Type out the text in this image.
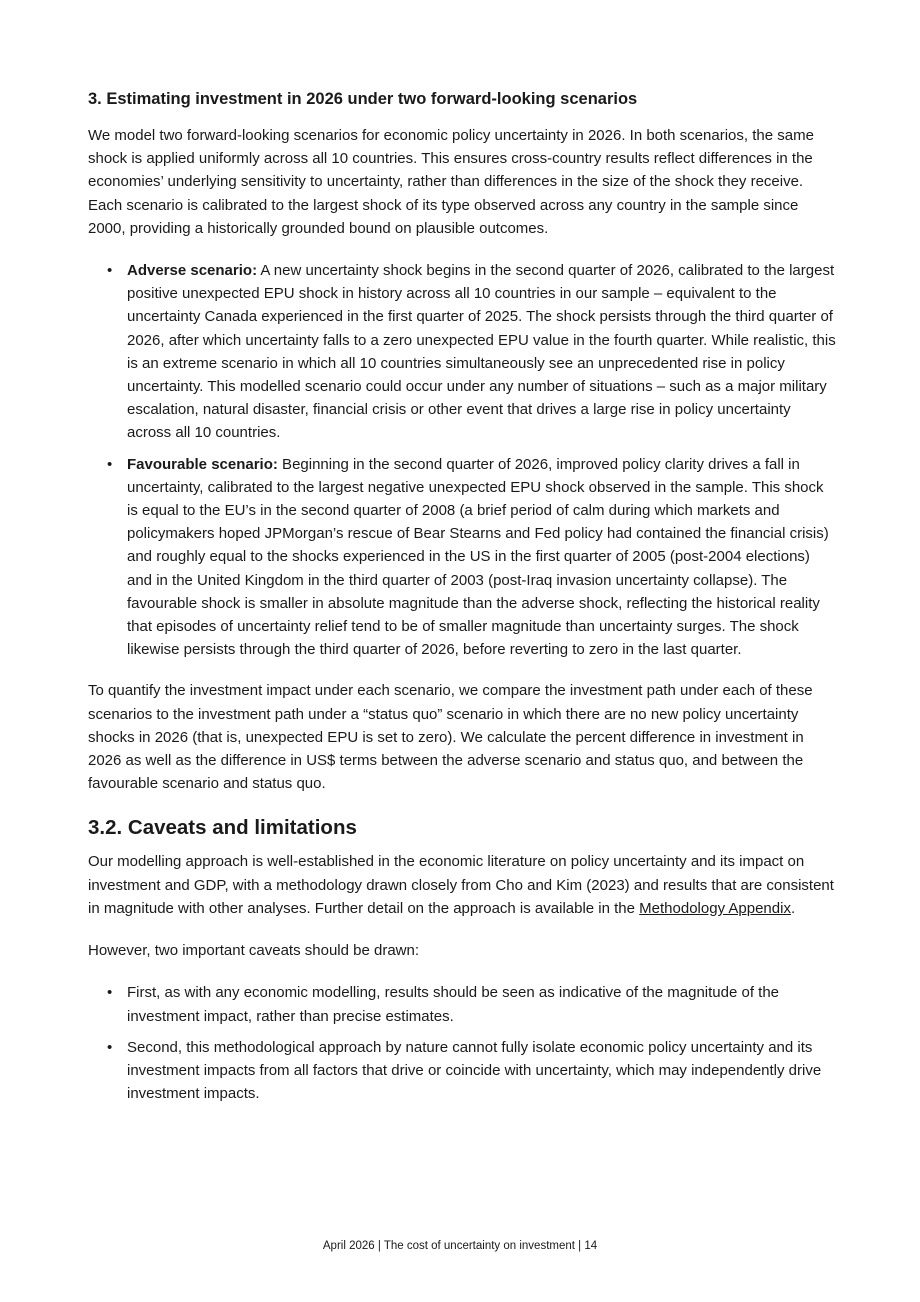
3. Estimating investment in 2026 under two forward-looking scenarios

We model two forward-looking scenarios for economic policy uncertainty in 2026. In both scenarios, the same shock is applied uniformly across all 10 countries. This ensures cross-country results reflect differences in the economies’ underlying sensitivity to uncertainty, rather than differences in the size of the shock they receive. Each scenario is calibrated to the largest shock of its type observed across any country in the sample since 2000, providing a historically grounded bound on plausible outcomes.

• Adverse scenario: A new uncertainty shock begins in the second quarter of 2026, calibrated to the largest positive unexpected EPU shock in history across all 10 countries in our sample – equivalent to the uncertainty Canada experienced in the first quarter of 2025. The shock persists through the third quarter of 2026, after which uncertainty falls to a zero unexpected EPU value in the fourth quarter. While realistic, this is an extreme scenario in which all 10 countries simultaneously see an unprecedented rise in policy uncertainty. This modelled scenario could occur under any number of situations – such as a major military escalation, natural disaster, financial crisis or other event that drives a large rise in policy uncertainty across all 10 countries.
• Favourable scenario: Beginning in the second quarter of 2026, improved policy clarity drives a fall in uncertainty, calibrated to the largest negative unexpected EPU shock observed in the sample. This shock is equal to the EU’s in the second quarter of 2008 (a brief period of calm during which markets and policymakers hoped JPMorgan’s rescue of Bear Stearns and Fed policy had contained the financial crisis) and roughly equal to the shocks experienced in the US in the first quarter of 2005 (post-2004 elections) and in the United Kingdom in the third quarter of 2003 (post-Iraq invasion uncertainty collapse). The favourable shock is smaller in absolute magnitude than the adverse shock, reflecting the historical reality that episodes of uncertainty relief tend to be of smaller magnitude than uncertainty surges. The shock likewise persists through the third quarter of 2026, before reverting to zero in the last quarter.

To quantify the investment impact under each scenario, we compare the investment path under each of these scenarios to the investment path under a “status quo” scenario in which there are no new policy uncertainty shocks in 2026 (that is, unexpected EPU is set to zero). We calculate the percent difference in investment in 2026 as well as the difference in US$ terms between the adverse scenario and status quo, and between the favourable scenario and status quo.

3.2. Caveats and limitations

Our modelling approach is well-established in the economic literature on policy uncertainty and its impact on investment and GDP, with a methodology drawn closely from Cho and Kim (2023) and results that are consistent in magnitude with other analyses. Further detail on the approach is available in the Methodology Appendix.

However, two important caveats should be drawn:

• First, as with any economic modelling, results should be seen as indicative of the magnitude of the investment impact, rather than precise estimates.
• Second, this methodological approach by nature cannot fully isolate economic policy uncertainty and its investment impacts from all factors that drive or coincide with uncertainty, which may independently drive investment impacts.
April 2026 | The cost of uncertainty on investment | 14
